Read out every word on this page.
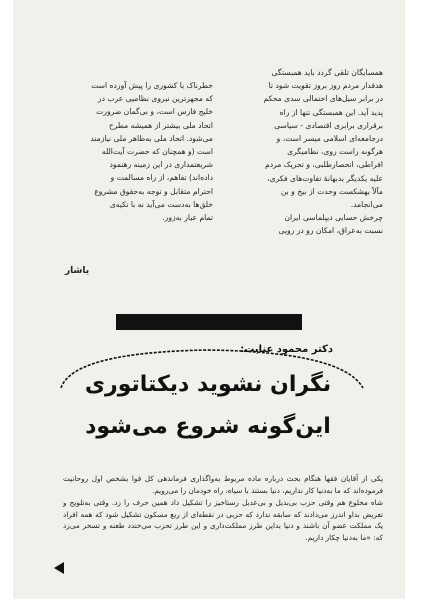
همسایگان تلقی گردد باید همبستگی

هدفدار مردم روز بروز تقویت شود تا

در برابر سیل‌های احتمالی سدی محکم

پدید آید. این همبستگی تنها از راه

برقراری برابری اقتصادی - سیاسی

درجامعه‌ای اسلامی میسر است، و

هرگونه راست روی، نظامیگری

افراطی، انحصارطلبی، و تحریک مردم

علیه یکدیگر بدبهانهٔ تفاوت‌های فکری،

مآلاً بهشکست وحدت از بیخ و بن

می‌انجامد.

چرخش حسابی دیپلماسی ایران

نسبت به‌عراق، امکان رو در رویی

خطرناک با کشوری را پیش آورده است

که مجهزترین نیروی نظامیی عرب در

خلیج فارس است، و بی‌گمان ضرورت

اتحاد ملی بیشتر از همیشه مطرح

می‌شود. اتحاد ملی به‌ظاهر ملی نیازمند

است (و همچنان که حضرت آیت‌الله

شریعتمداری در این زمینه رهنمود

داده‌اند) تفاهم، از راه مسالمت و

احترام متقابل و توجه به‌حقوق مشروع

خلق‌ها به‌دست می‌آید نه با تکیه‌ی

تمام عیار به‌زور.

یاشار
دکتر محمود عنایت:
نگران نشوید دیکتاتوری
این‌گونه شروع می‌شود

یکی از آقایان فقها هنگام بحث درباره ماده مربوط به‌واگذاری فرماندهی کل قوا بشخص اول روحانیت فرموده‌اند که ما به‌دنیا کار نداریم، دنیا بستند با سیاه، راه خودمان را می‌رویم.

شاه مخلوع هم وقتی حزب بی‌بدیل و بی‌عدیل رستاخیز را تشکیل داد همین حرف را زد. وقتی به‌تلویح و تعریض بداو اندرز می‌دادند که سابقه ندارد که حزبی در نقطه‌ای از ربع مسکون تشکیل شود که همه افراد یک مملکت عضو آن باشند و دنیا بداین طرز مملکت‌داری و این طرز تحزب می‌خندد طعنه و تسخر می‌زد که: «ما به‌دنیا چکار داریم.
